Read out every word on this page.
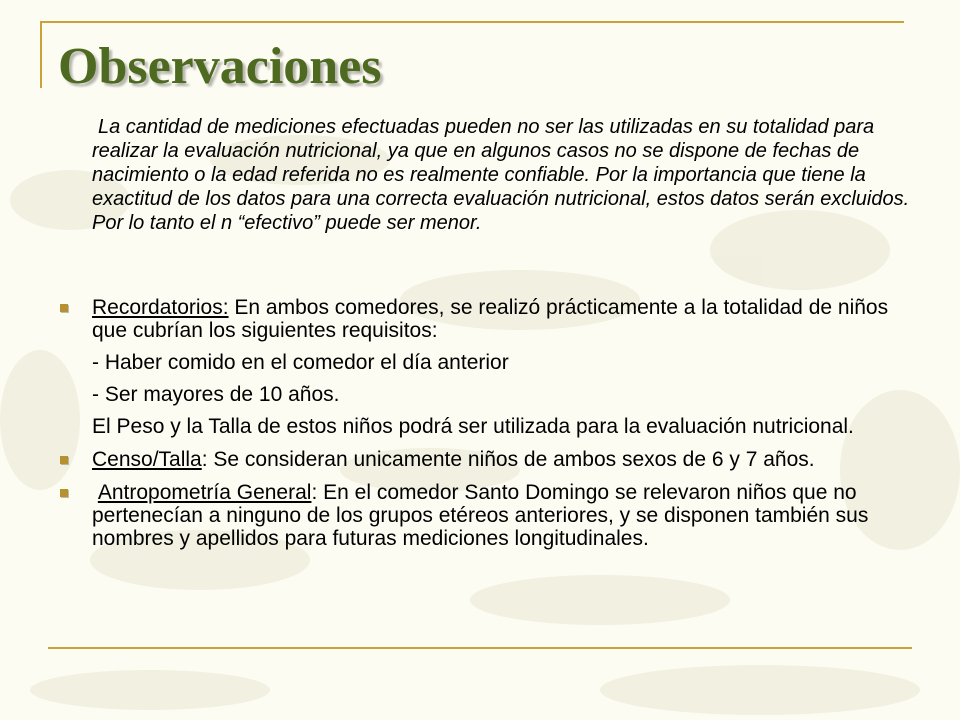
Observaciones

La cantidad de mediciones efectuadas pueden no ser las utilizadas en su totalidad para realizar la evaluación nutricional, ya que en algunos casos no se dispone de fechas de nacimiento o la edad referida no es realmente confiable. Por la importancia que tiene la exactitud de los datos para una correcta evaluación nutricional, estos datos serán excluidos. Por lo tanto el n “efectivo” puede ser menor.

Recordatorios: En ambos comedores, se realizó prácticamente a la totalidad de niños que cubrían los siguientes requisitos:
- Haber comido en el comedor el día anterior
- Ser mayores de 10 años.
El Peso y la Talla de estos niños podrá ser utilizada para la evaluación nutricional.
Censo/Talla: Se consideran unicamente niños de ambos sexos de 6 y 7 años.
Antropometría General: En el comedor Santo Domingo se relevaron niños que no pertenecían a ninguno de los grupos etéreos anteriores, y se disponen también sus nombres y apellidos para futuras mediciones longitudinales.
